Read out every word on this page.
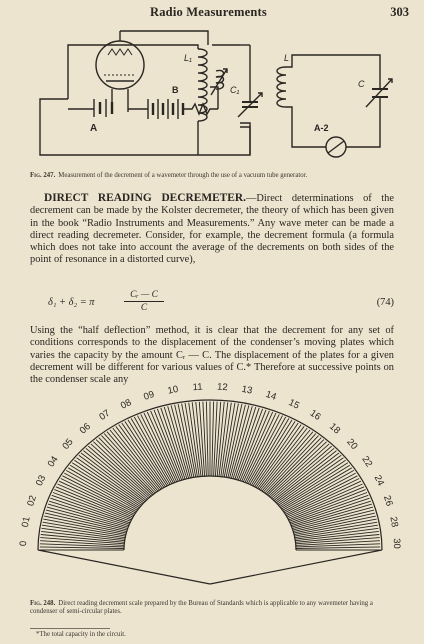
Radio Measurements	303
A
B
L₁
C₁
L
C
A-2
Fig. 247. Measurement of the decrement of a wavemeter through the use of a vacuum tube generator.
DIRECT READING DECREMETER.—Direct determinations of the decrement can be made by the Kolster decremeter, the theory of which has been given in the book “Radio Instruments and Measurements.” Any wave meter can be made a direct reading decremeter. Consider, for example, the decrement formula (a formula which does not take into account the average of the decrements on both sides of the point of resonance in a distorted curve),
δ₁ + δ₂ = π	$\frac{\text{Cᵣ — C}}{C}$	(74)
Using the “half deflection” method, it is clear that the decrement for any set of conditions corresponds to the displacement of the condenser’s moving plates which varies the capacity by the amount Cᵣ — C. The displacement of the plates for a given decrement will be different for various values of C.* Therefore at successive points on the condenser scale any
0
01
02
03
04
05
06
07
08
09 10 11 12 13 14
15
16
18
20
22
24
26
28
30
Fig. 248. Direct reading decrement scale prepared by the Bureau of Standards which is applicable to any wavemeter having a condenser of semi-circular plates.
*The total capacity in the circuit.
